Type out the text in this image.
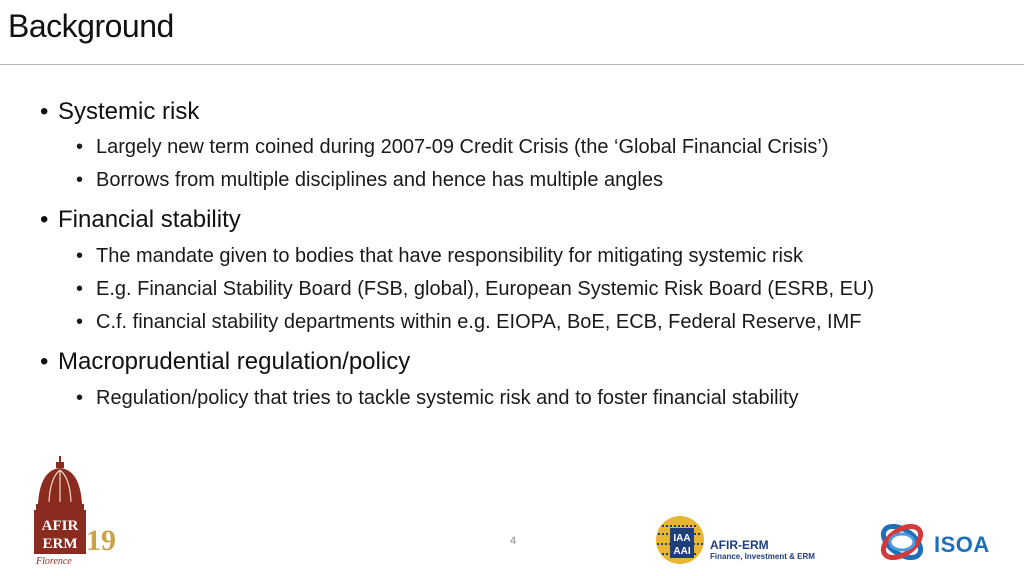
Background
• Systemic risk
• Largely new term coined during 2007-09 Credit Crisis (the ‘Global Financial Crisis’)
• Borrows from multiple disciplines and hence has multiple angles
• Financial stability
• The mandate given to bodies that have responsibility for mitigating systemic risk
• E.g. Financial Stability Board (FSB, global), European Systemic Risk Board (ESRB, EU)
• C.f. financial stability departments within e.g. EIOPA, BoE, ECB, Federal Reserve, IMF
• Macroprudential regulation/policy
• Regulation/policy that tries to tackle systemic risk and to foster financial stability
AFIR
ERM 19
Florence
4	IAA
AAI AFIR-ERM
Finance, Investment & ERM	ISOA
